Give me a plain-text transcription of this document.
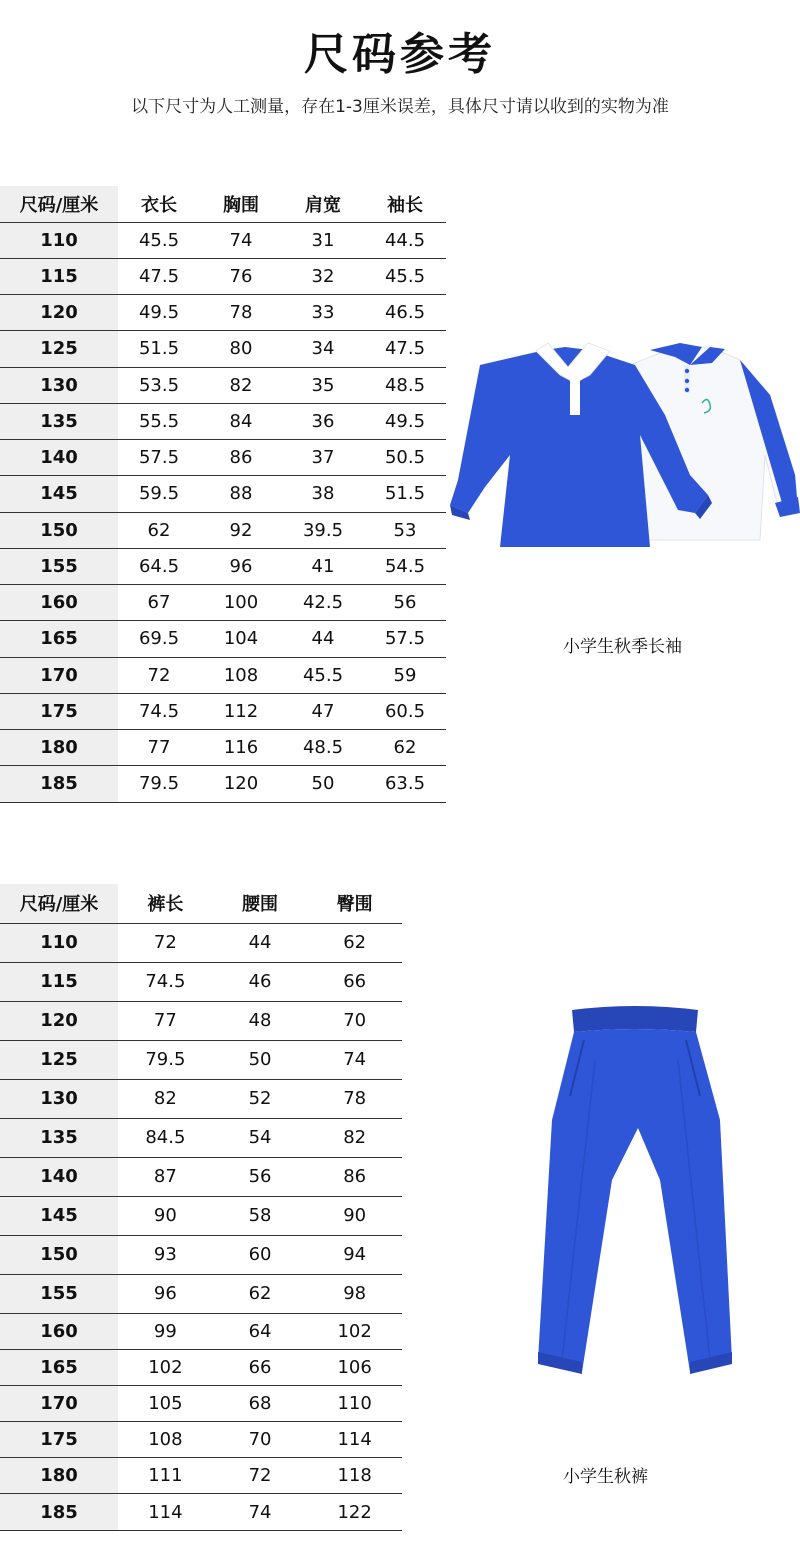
尺码参考
以下尺寸为人工测量，存在1-3厘米误差，具体尺寸请以收到的实物为准
尺码/厘米	衣长	胸围	肩宽	袖长
110	45.5	74	31	44.5
115	47.5	76	32	45.5
120	49.5	78	33	46.5
125	51.5	80	34	47.5
130	53.5	82	35	48.5
135	55.5	84	36	49.5
140	57.5	86	37	50.5
145	59.5	88	38	51.5
150	62	92	39.5	53
155	64.5	96	41	54.5
160	67	100	42.5	56
165	69.5	104	44	57.5
170	72	108	45.5	59
175	74.5	112	47	60.5
180	77	116	48.5	62
185	79.5	120	50	63.5
小学生秋季长袖
尺码/厘米	裤长	腰围	臀围
110	72	44	62
115	74.5	46	66
120	77	48	70
125	79.5	50	74
130	82	52	78
135	84.5	54	82
140	87	56	86
145	90	58	90
150	93	60	94
155	96	62	98
160	99	64	102
165	102	66	106
170	105	68	110
175	108	70	114
180	111	72	118
185	114	74	122
小学生秋裤
